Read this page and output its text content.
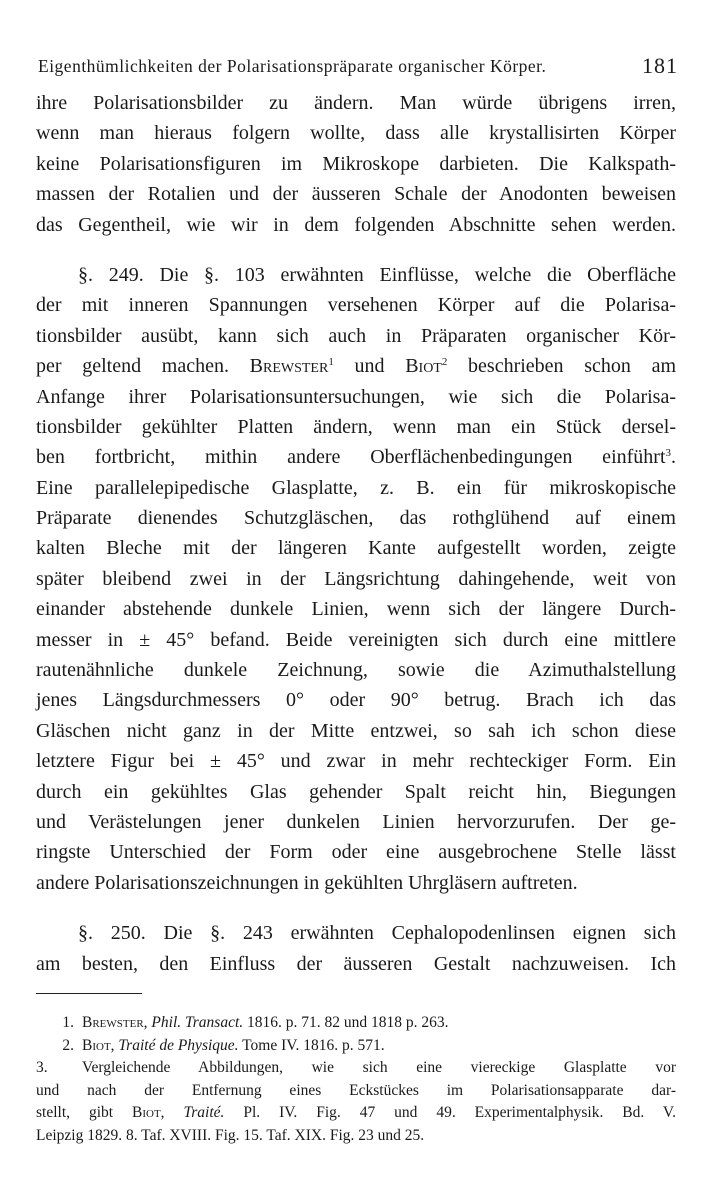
Eigenthümlichkeiten der Polarisationspräparate organischer Körper.	181
ihre Polarisationsbilder zu ändern. Man würde übrigens irren,
wenn man hieraus folgern wollte, dass alle krystallisirten Körper
keine Polarisationsfiguren im Mikroskope darbieten. Die Kalkspath-
massen der Rotalien und der äusseren Schale der Anodonten beweisen
das Gegentheil, wie wir in dem folgenden Abschnitte sehen werden.
§. 249. Die §. 103 erwähnten Einflüsse, welche die Oberfläche
der mit inneren Spannungen versehenen Körper auf die Polarisa-
tionsbilder ausübt, kann sich auch in Präparaten organischer Kör-
per geltend machen. Brewster$^1$ und Biot$^2$ beschrieben schon am
Anfange ihrer Polarisationsuntersuchungen, wie sich die Polarisa-
tionsbilder gekühlter Platten ändern, wenn man ein Stück dersel-
ben fortbricht, mithin andere Oberflächenbedingungen einführt$^3$.
Eine parallelepipedische Glasplatte, z. B. ein für mikroskopische
Präparate dienendes Schutzgläschen, das rothglühend auf einem
kalten Bleche mit der längeren Kante aufgestellt worden, zeigte
später bleibend zwei in der Längsrichtung dahingehende, weit von
einander abstehende dunkele Linien, wenn sich der längere Durch-
messer in ± 45° befand. Beide vereinigten sich durch eine mittlere
rautenähnliche dunkele Zeichnung, sowie die Azimuthalstellung
jenes Längsdurchmessers 0° oder 90° betrug. Brach ich das
Gläschen nicht ganz in der Mitte entzwei, so sah ich schon diese
letztere Figur bei ± 45° und zwar in mehr rechteckiger Form. Ein
durch ein gekühltes Glas gehender Spalt reicht hin, Biegungen
und Verästelungen jener dunkelen Linien hervorzurufen. Der ge-
ringste Unterschied der Form oder eine ausgebrochene Stelle lässt
andere Polarisationszeichnungen in gekühlten Uhrgläsern auftreten.
§. 250. Die §. 243 erwähnten Cephalopodenlinsen eignen sich
am besten, den Einfluss der äusseren Gestalt nachzuweisen. Ich
1. Brewster, Phil. Transact. 1816. p. 71. 82 und 1818 p. 263.
2. Biot, Traité de Physique. Tome IV. 1816. p. 571.
3. Vergleichende Abbildungen, wie sich eine viereckige Glasplatte vor
und nach der Entfernung eines Eckstückes im Polarisationsapparate dar-
stellt, gibt Biot, Traité. Pl. IV. Fig. 47 und 49. Experimentalphysik. Bd. V.
Leipzig 1829. 8. Taf. XVIII. Fig. 15. Taf. XIX. Fig. 23 und 25.
